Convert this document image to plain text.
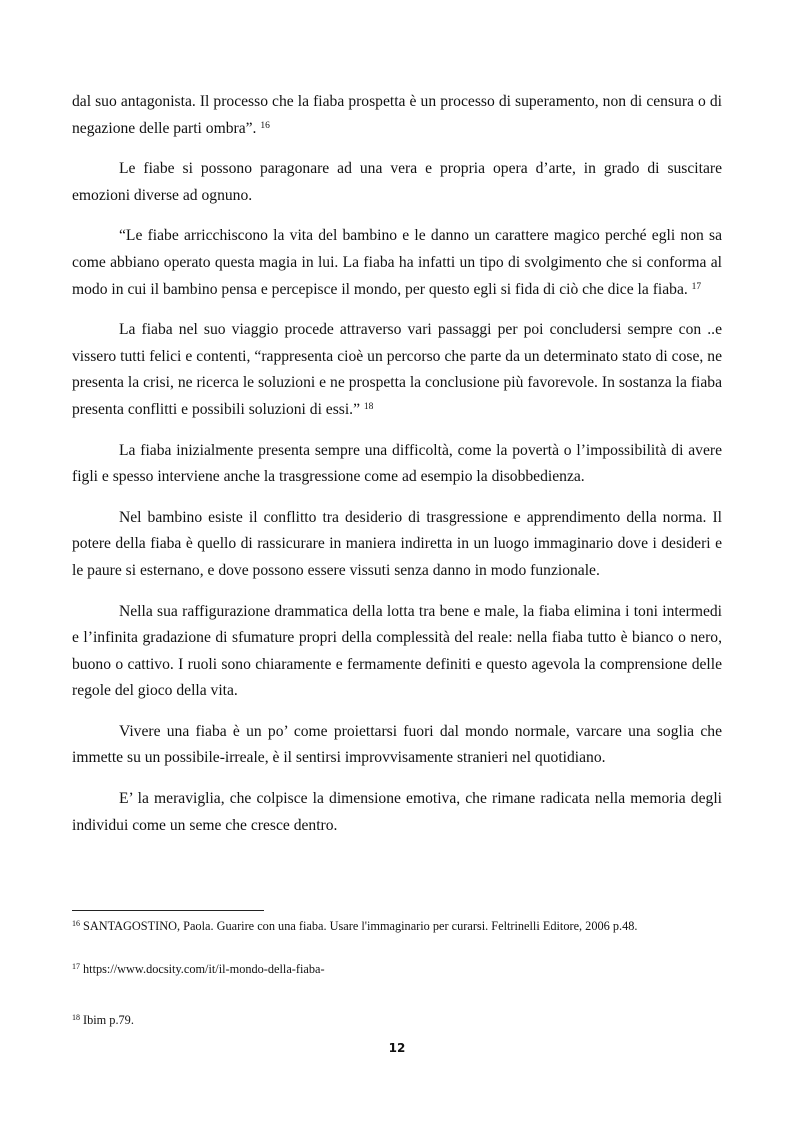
dal suo antagonista. Il processo che la fiaba prospetta è un processo di superamento, non di censura o di negazione delle parti ombra”. $^{16}$

Le fiabe si possono paragonare ad una vera e propria opera d’arte, in grado di suscitare emozioni diverse ad ognuno.

“Le fiabe arricchiscono la vita del bambino e le danno un carattere magico perché egli non sa come abbiano operato questa magia in lui. La fiaba ha infatti un tipo di svolgimento che si conforma al modo in cui il bambino pensa e percepisce il mondo, per questo egli si fida di ciò che dice la fiaba. $^{17}$

La fiaba nel suo viaggio procede attraverso vari passaggi per poi concludersi sempre con ..e vissero tutti felici e contenti, “rappresenta cioè un percorso che parte da un determinato stato di cose, ne presenta la crisi, ne ricerca le soluzioni e ne prospetta la conclusione più favorevole. In sostanza la fiaba presenta conflitti e possibili soluzioni di essi.” $^{18}$

La fiaba inizialmente presenta sempre una difficoltà, come la povertà o l’impossibilità di avere figli e spesso interviene anche la trasgressione come ad esempio la disobbedienza.

Nel bambino esiste il conflitto tra desiderio di trasgressione e apprendimento della norma. Il potere della fiaba è quello di rassicurare in maniera indiretta in un luogo immaginario dove i desideri e le paure si esternano, e dove possono essere vissuti senza danno in modo funzionale.

Nella sua raffigurazione drammatica della lotta tra bene e male, la fiaba elimina i toni intermedi e l’infinita gradazione di sfumature propri della complessità del reale: nella fiaba tutto è bianco o nero, buono o cattivo. I ruoli sono chiaramente e fermamente definiti e questo agevola la comprensione delle regole del gioco della vita.

Vivere una fiaba è un po’ come proiettarsi fuori dal mondo normale, varcare una soglia che immette su un possibile-irreale, è il sentirsi improvvisamente stranieri nel quotidiano.

E’ la meraviglia, che colpisce la dimensione emotiva, che rimane radicata nella memoria degli individui come un seme che cresce dentro.

$^{16}$ SANTAGOSTINO, Paola. Guarire con una fiaba. Usare l'immaginario per curarsi. Feltrinelli Editore, 2006 p.48.
$^{17}$ https://www.docsity.com/it/il-mondo-della-fiaba-
$^{18}$ Ibim p.79.
12
